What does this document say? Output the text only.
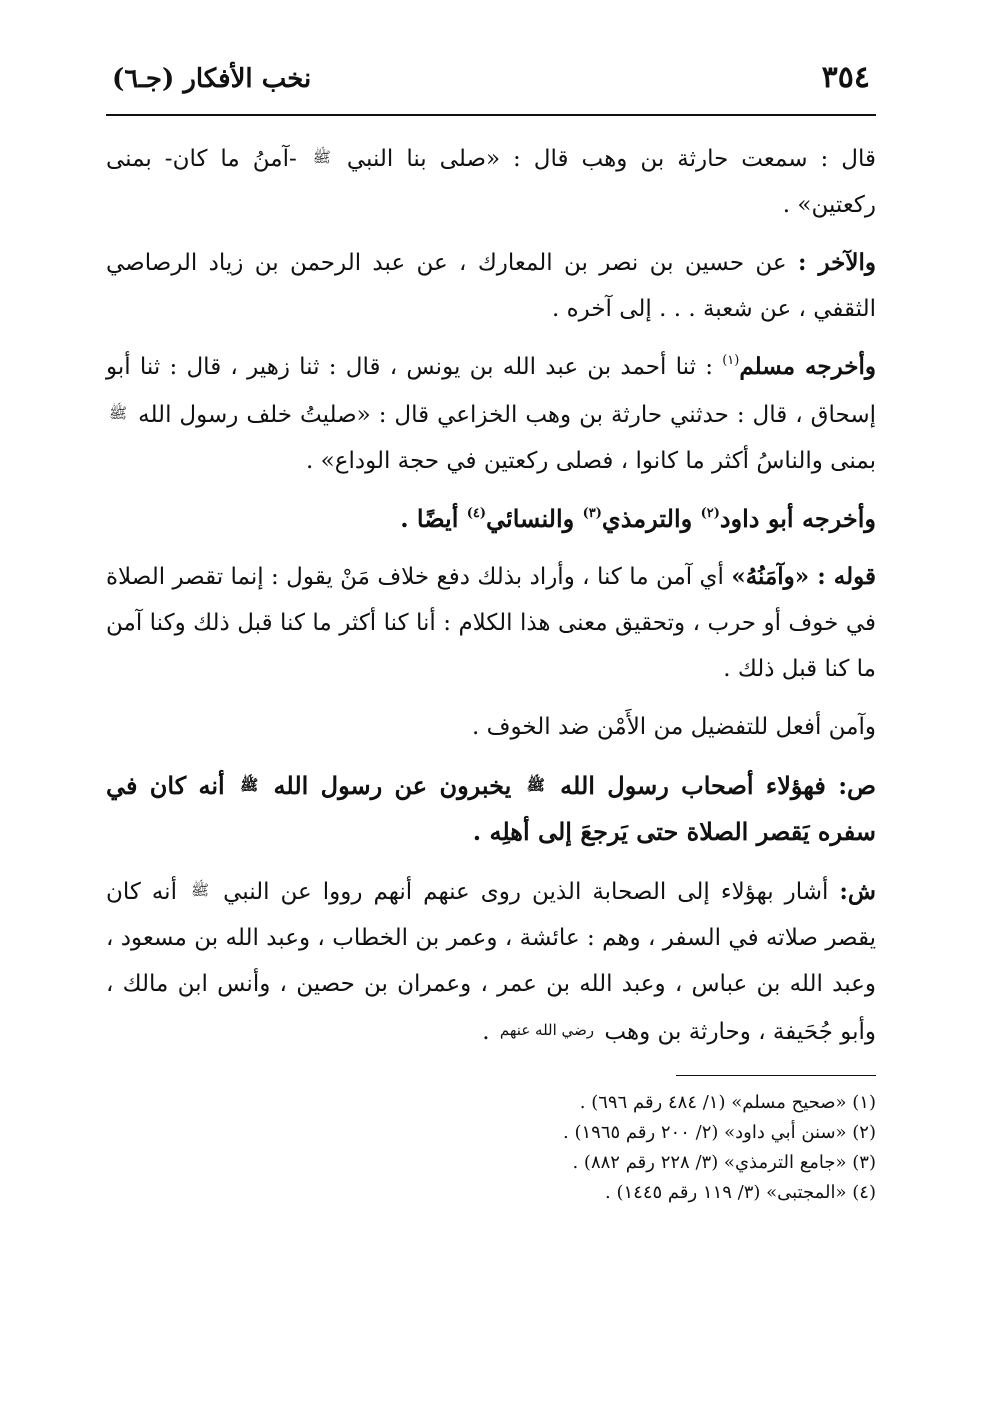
٣٥٤
نخب الأفكار (جـ٦)

قال : سمعت حارثة بن وهب قال : «صلى بنا النبي ﷺ -آمنُ ما كان- بمنى ركعتين» .

والآخر : عن حسين بن نصر بن المعارك ، عن عبد الرحمن بن زياد الرصاصي الثقفي ، عن شعبة . . . إلى آخره .

وأخرجه مسلم$^{(١)}$ : ثنا أحمد بن عبد الله بن يونس ، قال : ثنا زهير ، قال : ثنا أبو إسحاق ، قال : حدثني حارثة بن وهب الخزاعي قال : «صليتُ خلف رسول الله ﷺ بمنى والناسُ أكثر ما كانوا ، فصلى ركعتين في حجة الوداع» .

وأخرجه أبو داود$^{(٢)}$ والترمذي$^{(٣)}$ والنسائي$^{(٤)}$ أيضًا .

قوله : «وآمَنُهُ» أي آمن ما كنا ، وأراد بذلك دفع خلاف مَنْ يقول : إنما تقصر الصلاة في خوف أو حرب ، وتحقيق معنى هذا الكلام : أنا كنا أكثر ما كنا قبل ذلك وكنا آمن ما كنا قبل ذلك .

وآمن أفعل للتفضيل من الأَمْن ضد الخوف .

ص: فهؤلاء أصحاب رسول الله ﷺ يخبرون عن رسول الله ﷺ أنه كان في سفره يَقصر الصلاة حتى يَرجعَ إلى أهلِه .

ش: أشار بهؤلاء إلى الصحابة الذين روى عنهم أنهم رووا عن النبي ﷺ أنه كان يقصر صلاته في السفر ، وهم : عائشة ، وعمر بن الخطاب ، وعبد الله بن مسعود ، وعبد الله بن عباس ، وعبد الله بن عمر ، وعمران بن حصين ، وأنس ابن مالك ، وأبو جُحَيفة ، وحارثة بن وهب رضي الله عنهم .

(١) «صحيح مسلم» (١/ ٤٨٤ رقم ٦٩٦) .
(٢) «سنن أبي داود» (٢/ ٢٠٠ رقم ١٩٦٥) .
(٣) «جامع الترمذي» (٣/ ٢٢٨ رقم ٨٨٢) .
(٤) «المجتبى» (٣/ ١١٩ رقم ١٤٤٥) .
